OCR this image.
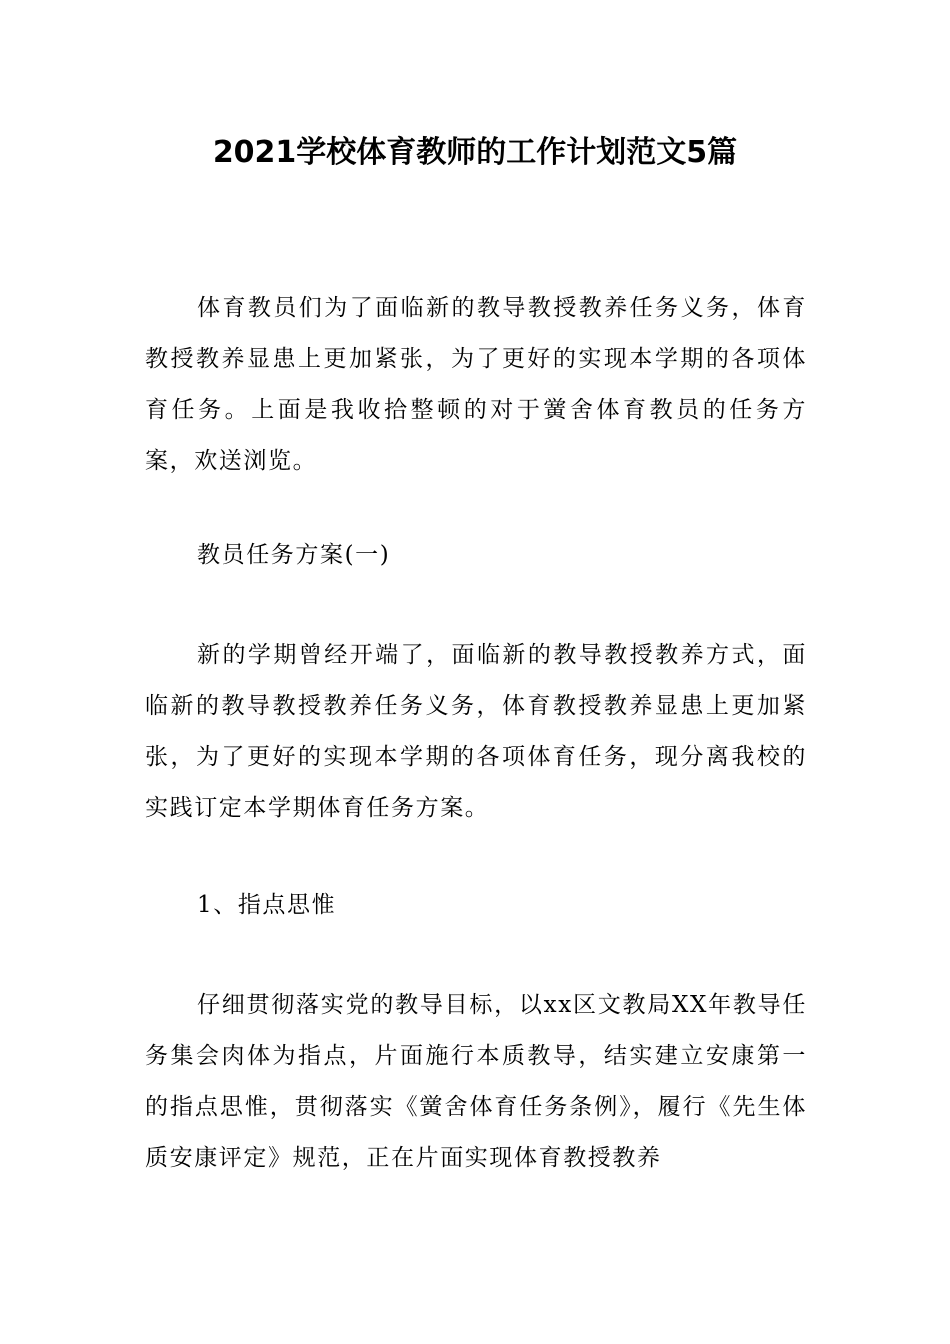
2021学校体育教师的工作计划范文5篇

体育教员们为了面临新的教导教授教养任务义务，体育教授教养显患上更加紧张，为了更好的实现本学期的各项体育任务。上面是我收拾整顿的对于黉舍体育教员的任务方案，欢送浏览。

教员任务方案(一)

新的学期曾经开端了，面临新的教导教授教养方式，面临新的教导教授教养任务义务，体育教授教养显患上更加紧张，为了更好的实现本学期的各项体育任务，现分离我校的实践订定本学期体育任务方案。

1、指点思惟

仔细贯彻落实党的教导目标，以xx区文教局XX年教导任务集会肉体为指点，片面施行本质教导，结实建立安康第一的指点思惟，贯彻落实《黉舍体育任务条例》，履行《先生体质安康评定》规范，正在片面实现体育教授教养
